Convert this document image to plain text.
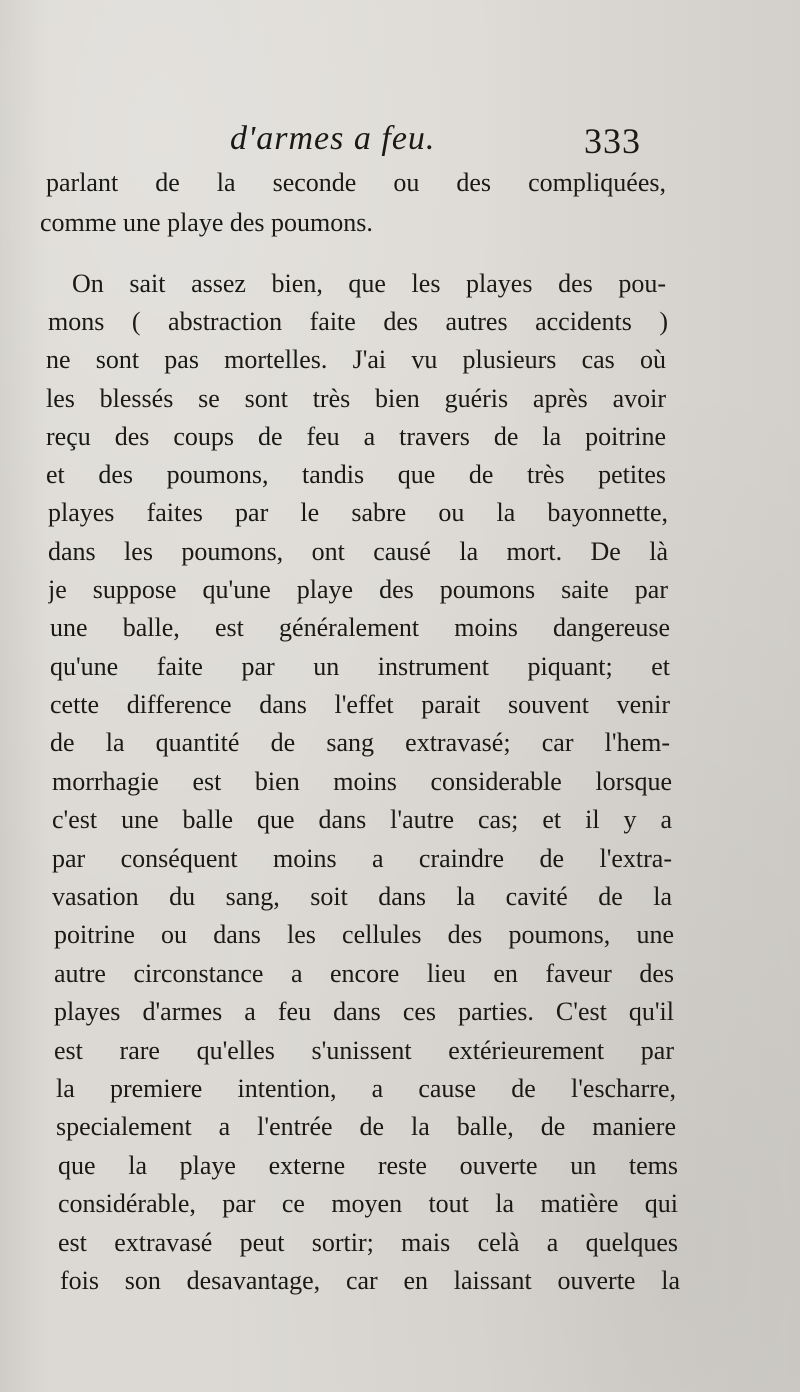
d'armes a feu.	333
parlant de la seconde ou des compliquées,
comme une playe des poumons.
On sait assez bien, que les playes des pou-
mons ( abstraction faite des autres accidents )
ne sont pas mortelles. J'ai vu plusieurs cas où
les blessés se sont très bien guéris après avoir
reçu des coups de feu a travers de la poitrine
et des poumons, tandis que de très petites
playes faites par le sabre ou la bayonnette,
dans les poumons, ont causé la mort. De là
je suppose qu'une playe des poumons saite par
une balle, est généralement moins dangereuse
qu'une faite par un instrument piquant; et
cette difference dans l'effet parait souvent venir
de la quantité de sang extravasé; car l'hem-
morrhagie est bien moins considerable lorsque
c'est une balle que dans l'autre cas; et il y a
par conséquent moins a craindre de l'extra-
vasation du sang, soit dans la cavité de la
poitrine ou dans les cellules des poumons, une
autre circonstance a encore lieu en faveur des
playes d'armes a feu dans ces parties. C'est qu'il
est rare qu'elles s'unissent extérieurement par
la premiere intention, a cause de l'escharre,
specialement a l'entrée de la balle, de maniere
que la playe externe reste ouverte un tems
considérable, par ce moyen tout la matière qui
est extravasé peut sortir; mais celà a quelques
fois son desavantage, car en laissant ouverte la
